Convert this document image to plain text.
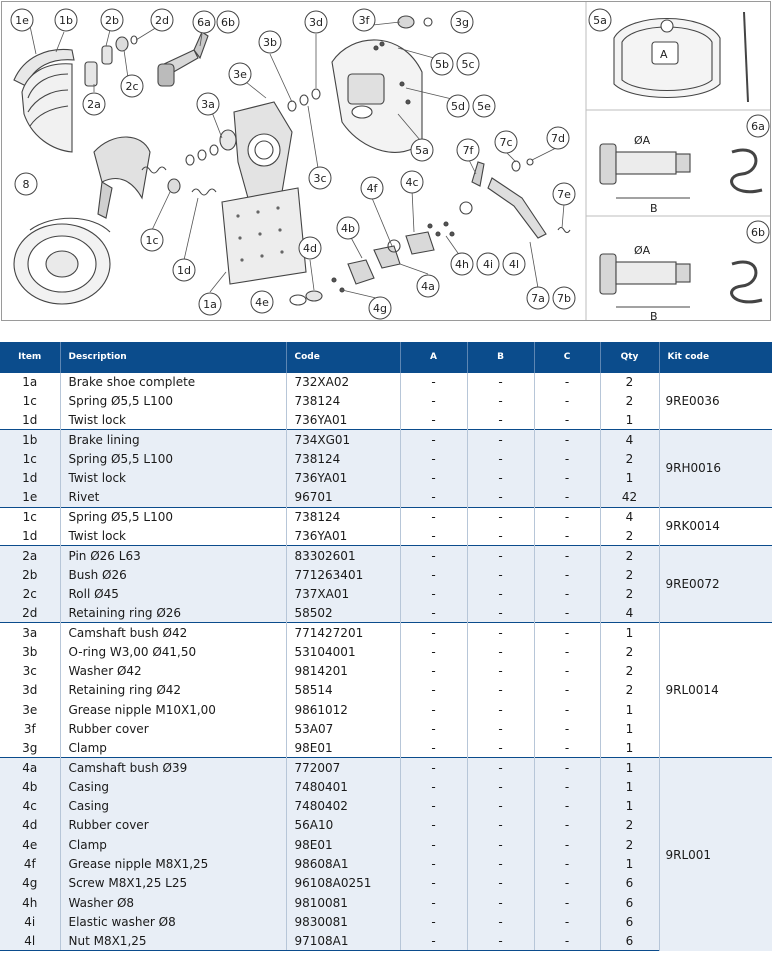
1e	1b	2b	2d	6a 6b	3d	3f	3g	5a
3b
3e
5b 5c
2a
2c
3a	5d 5e
6a
5a
7c	7d
7f
8	3c
4f	4c
7e
6b
1c
1d
4b
4h 4i 4l
4d
1a	4e	4g
4a
7a 7b
ØA
B
ØA
B
A
Item	Description	Code	A	B	C	Qty	Kit code
1a	Brake shoe complete	732XA02	-	-	-	2	9RE0036
1c	Spring Ø5,5 L100	738124	-	-	-	2	
1d	Twist lock	736YA01	-	-	-	1	
1b	Brake lining	734XG01	-	-	-	4	9RH0016
1c	Spring Ø5,5 L100	738124	-	-	-	2	
1d	Twist lock	736YA01	-	-	-	1	
1e	Rivet	96701	-	-	-	42	
1c	Spring Ø5,5 L100	738124	-	-	-	4	9RK0014
1d	Twist lock	736YA01	-	-	-	2	
2a	Pin Ø26 L63	83302601	-	-	-	2	9RE0072
2b	Bush Ø26	771263401	-	-	-	2	
2c	Roll Ø45	737XA01	-	-	-	2	
2d	Retaining ring Ø26	58502	-	-	-	4	
3a	Camshaft bush Ø42	771427201	-	-	-	1	9RL0014
3b	O-ring W3,00 Ø41,50	53104001	-	-	-	2	
3c	Washer Ø42	9814201	-	-	-	2	
3d	Retaining ring Ø42	58514	-	-	-	2	
3e	Grease nipple M10X1,00	9861012	-	-	-	1	
3f	Rubber cover	53A07	-	-	-	1	
3g	Clamp	98E01	-	-	-	1	
4a	Camshaft bush Ø39	772007	-	-	-	1	9RL001
4b	Casing	7480401	-	-	-	1	
4c	Casing	7480402	-	-	-	1	
4d	Rubber cover	56A10	-	-	-	2	
4e	Clamp	98E01	-	-	-	2	
4f	Grease nipple M8X1,25	98608A1	-	-	-	1	
4g	Screw M8X1,25 L25	96108A0251	-	-	-	6	
4h	Washer Ø8	9810081	-	-	-	6	
4i	Elastic washer Ø8	9830081	-	-	-	6	
4l	Nut M8X1,25	97108A1	-	-	-	6	
